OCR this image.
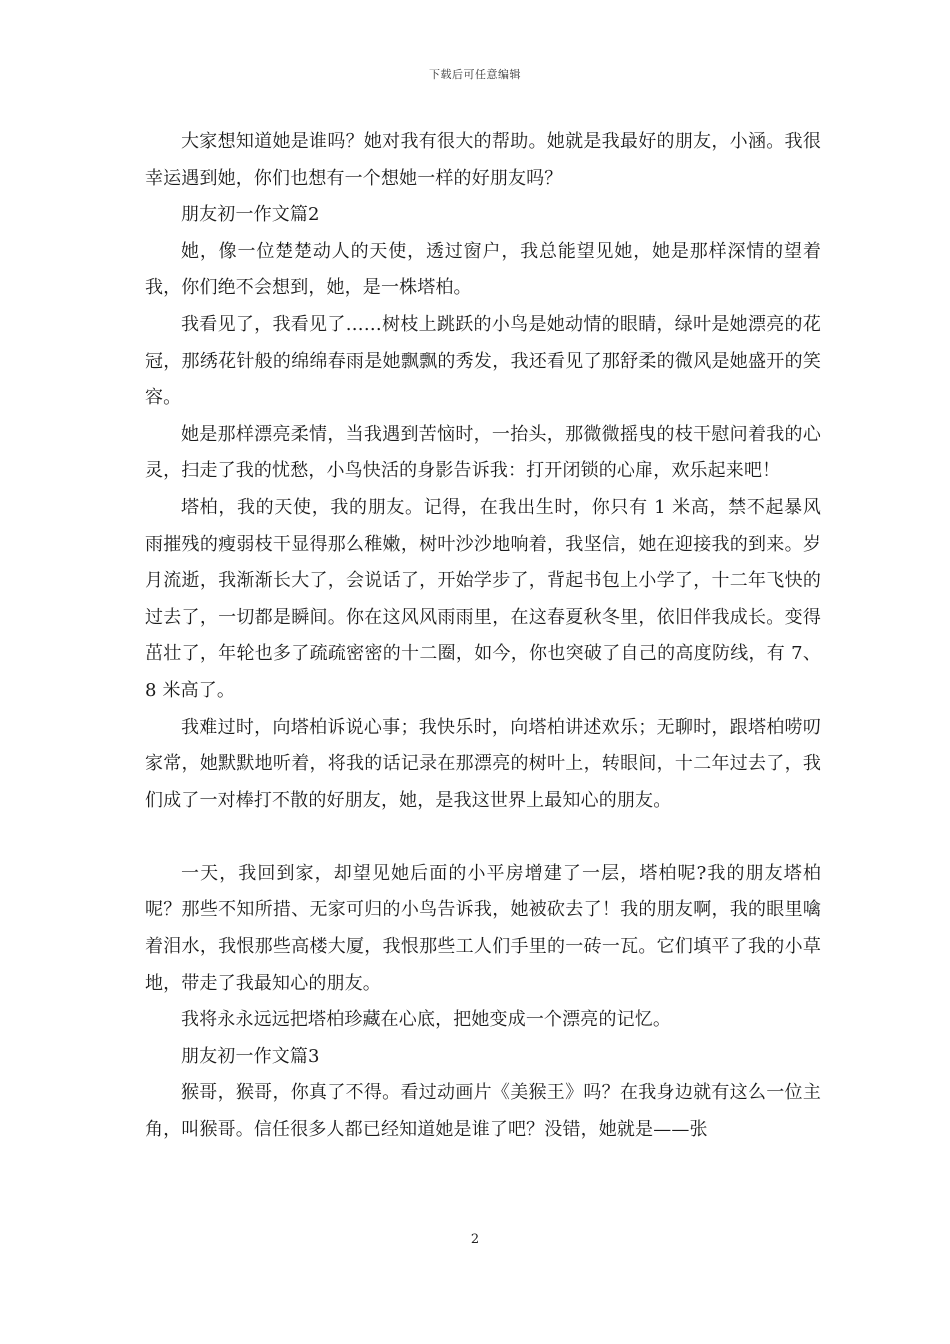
下载后可任意编辑

大家想知道她是谁吗？她对我有很大的帮助。她就是我最好的朋友，小涵。我很幸运遇到她，你们也想有一个想她一样的好朋友吗？

朋友初一作文篇2

她，像一位楚楚动人的天使，透过窗户，我总能望见她，她是那样深情的望着我，你们绝不会想到，她，是一株塔柏。

我看见了，我看见了……树枝上跳跃的小鸟是她动情的眼睛，绿叶是她漂亮的花冠，那绣花针般的绵绵春雨是她飘飘的秀发，我还看见了那舒柔的微风是她盛开的笑容。

她是那样漂亮柔情，当我遇到苦恼时，一抬头，那微微摇曳的枝干慰问着我的心灵，扫走了我的忧愁，小鸟快活的身影告诉我：打开闭锁的心扉，欢乐起来吧！

塔柏，我的天使，我的朋友。记得，在我出生时，你只有 1 米高，禁不起暴风雨摧残的瘦弱枝干显得那么稚嫩，树叶沙沙地响着，我坚信，她在迎接我的到来。岁月流逝，我渐渐长大了，会说话了，开始学步了，背起书包上小学了，十二年飞快的过去了，一切都是瞬间。你在这风风雨雨里，在这春夏秋冬里，依旧伴我成长。变得茁壮了，年轮也多了疏疏密密的十二圈，如今，你也突破了自己的高度防线，有 7、8 米高了。

我难过时，向塔柏诉说心事；我快乐时，向塔柏讲述欢乐；无聊时，跟塔柏唠叨家常，她默默地听着，将我的话记录在那漂亮的树叶上，转眼间，十二年过去了，我们成了一对棒打不散的好朋友，她，是我这世界上最知心的朋友。

一天，我回到家，却望见她后面的小平房增建了一层，塔柏呢?我的朋友塔柏呢？那些不知所措、无家可归的小鸟告诉我，她被砍去了！我的朋友啊，我的眼里噙着泪水，我恨那些高楼大厦，我恨那些工人们手里的一砖一瓦。它们填平了我的小草地，带走了我最知心的朋友。

我将永永远远把塔柏珍藏在心底，把她变成一个漂亮的记忆。

朋友初一作文篇3

猴哥，猴哥，你真了不得。看过动画片《美猴王》吗？在我身边就有这么一位主角，叫猴哥。信任很多人都已经知道她是谁了吧？没错，她就是——张

2
